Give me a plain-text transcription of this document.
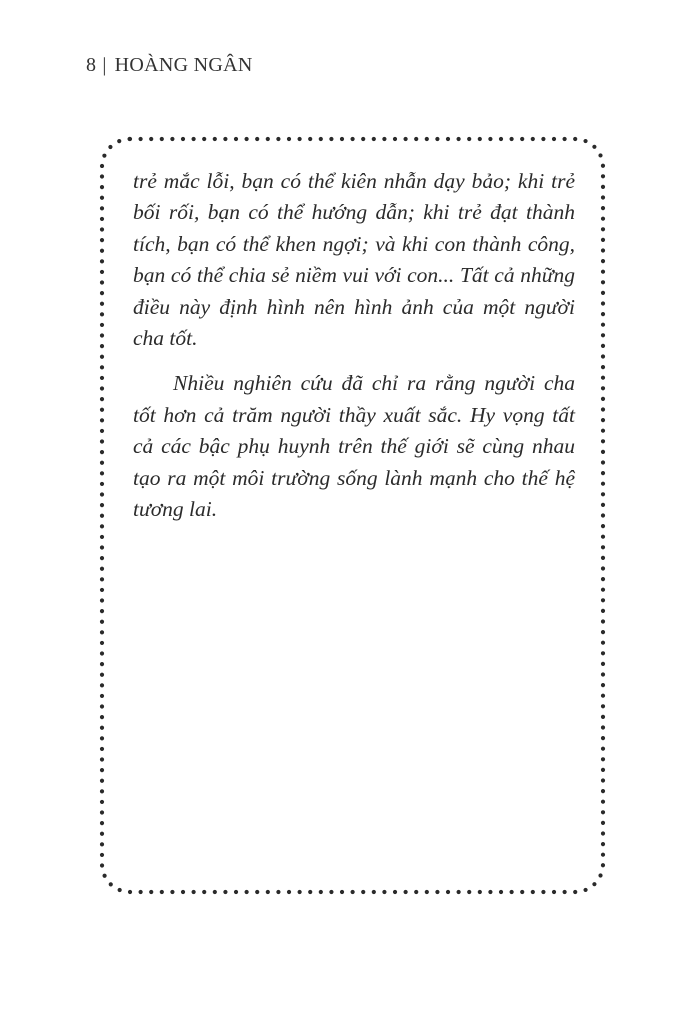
8 | HOÀNG NGÂN

trẻ mắc lỗi, bạn có thể kiên nhẫn dạy bảo; khi trẻ bối rối, bạn có thể hướng dẫn; khi trẻ đạt thành tích, bạn có thể khen ngợi; và khi con thành công, bạn có thể chia sẻ niềm vui với con... Tất cả những điều này định hình nên hình ảnh của một người cha tốt.

Nhiều nghiên cứu đã chỉ ra rằng người cha tốt hơn cả trăm người thầy xuất sắc. Hy vọng tất cả các bậc phụ huynh trên thế giới sẽ cùng nhau tạo ra một môi trường sống lành mạnh cho thế hệ tương lai.
